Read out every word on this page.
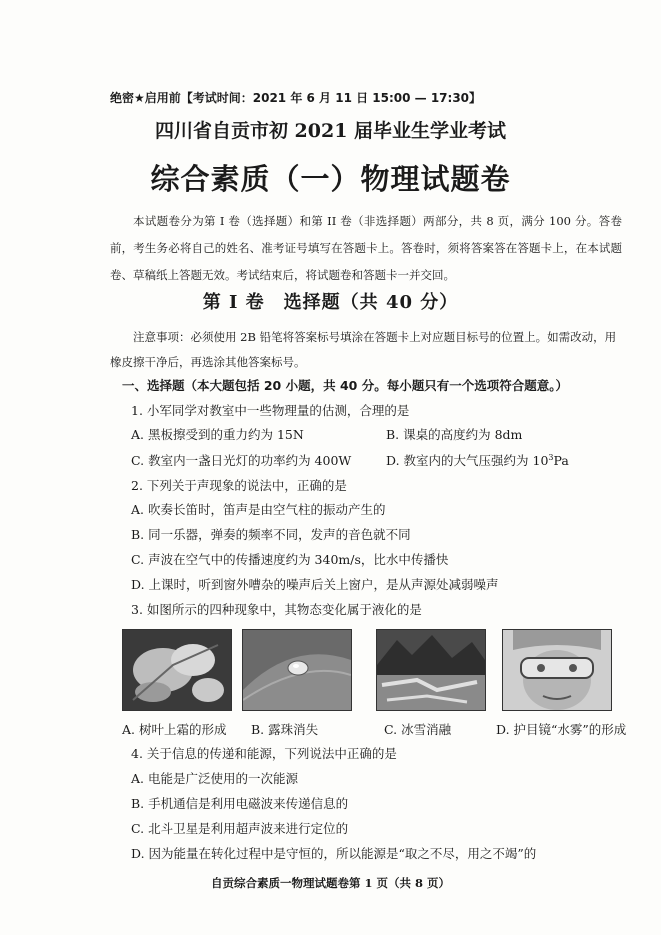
绝密★启用前【考试时间：2021 年 6 月 11 日 15:00 — 17:30】
四川省自贡市初 2021 届毕业生学业考试
综合素质（一）物理试题卷
本试题卷分为第 I 卷（选择题）和第 II 卷（非选择题）两部分，共 8 页，满分 100 分。答卷前，考生务必将自己的姓名、准考证号填写在答题卡上。答卷时，须将答案答在答题卡上，在本试题卷、草稿纸上答题无效。考试结束后，将试题卷和答题卡一并交回。
第 I 卷　选择题（共 40 分）
注意事项：必须使用 2B 铅笔将答案标号填涂在答题卡上对应题目标号的位置上。如需改动，用橡皮擦干净后，再选涂其他答案标号。
一、选择题（本大题包括 20 小题，共 40 分。每小题只有一个选项符合题意。）
1. 小军同学对教室中一些物理量的估测，合理的是
A. 黑板擦受到的重力约为 15N	B. 课桌的高度约为 8dm
C. 教室内一盏日光灯的功率约为 400W	D. 教室内的大气压强约为 $10^3Pa$
2. 下列关于声现象的说法中，正确的是
A. 吹奏长笛时，笛声是由空气柱的振动产生的
B. 同一乐器，弹奏的频率不同，发声的音色就不同
C. 声波在空气中的传播速度约为 340m/s，比水中传播快
D. 上课时，听到窗外嘈杂的噪声后关上窗户，是从声源处减弱噪声
3. 如图所示的四种现象中，其物态变化属于液化的是
A. 树叶上霜的形成 B. 露珠消失	C. 冰雪消融	D. 护目镜“水雾”的形成
4. 关于信息的传递和能源，下列说法中正确的是
A. 电能是广泛使用的一次能源
B. 手机通信是利用电磁波来传递信息的
C. 北斗卫星是利用超声波来进行定位的
D. 因为能量在转化过程中是守恒的，所以能源是“取之不尽，用之不竭”的
自贡综合素质一物理试题卷第 1 页（共 8 页）
